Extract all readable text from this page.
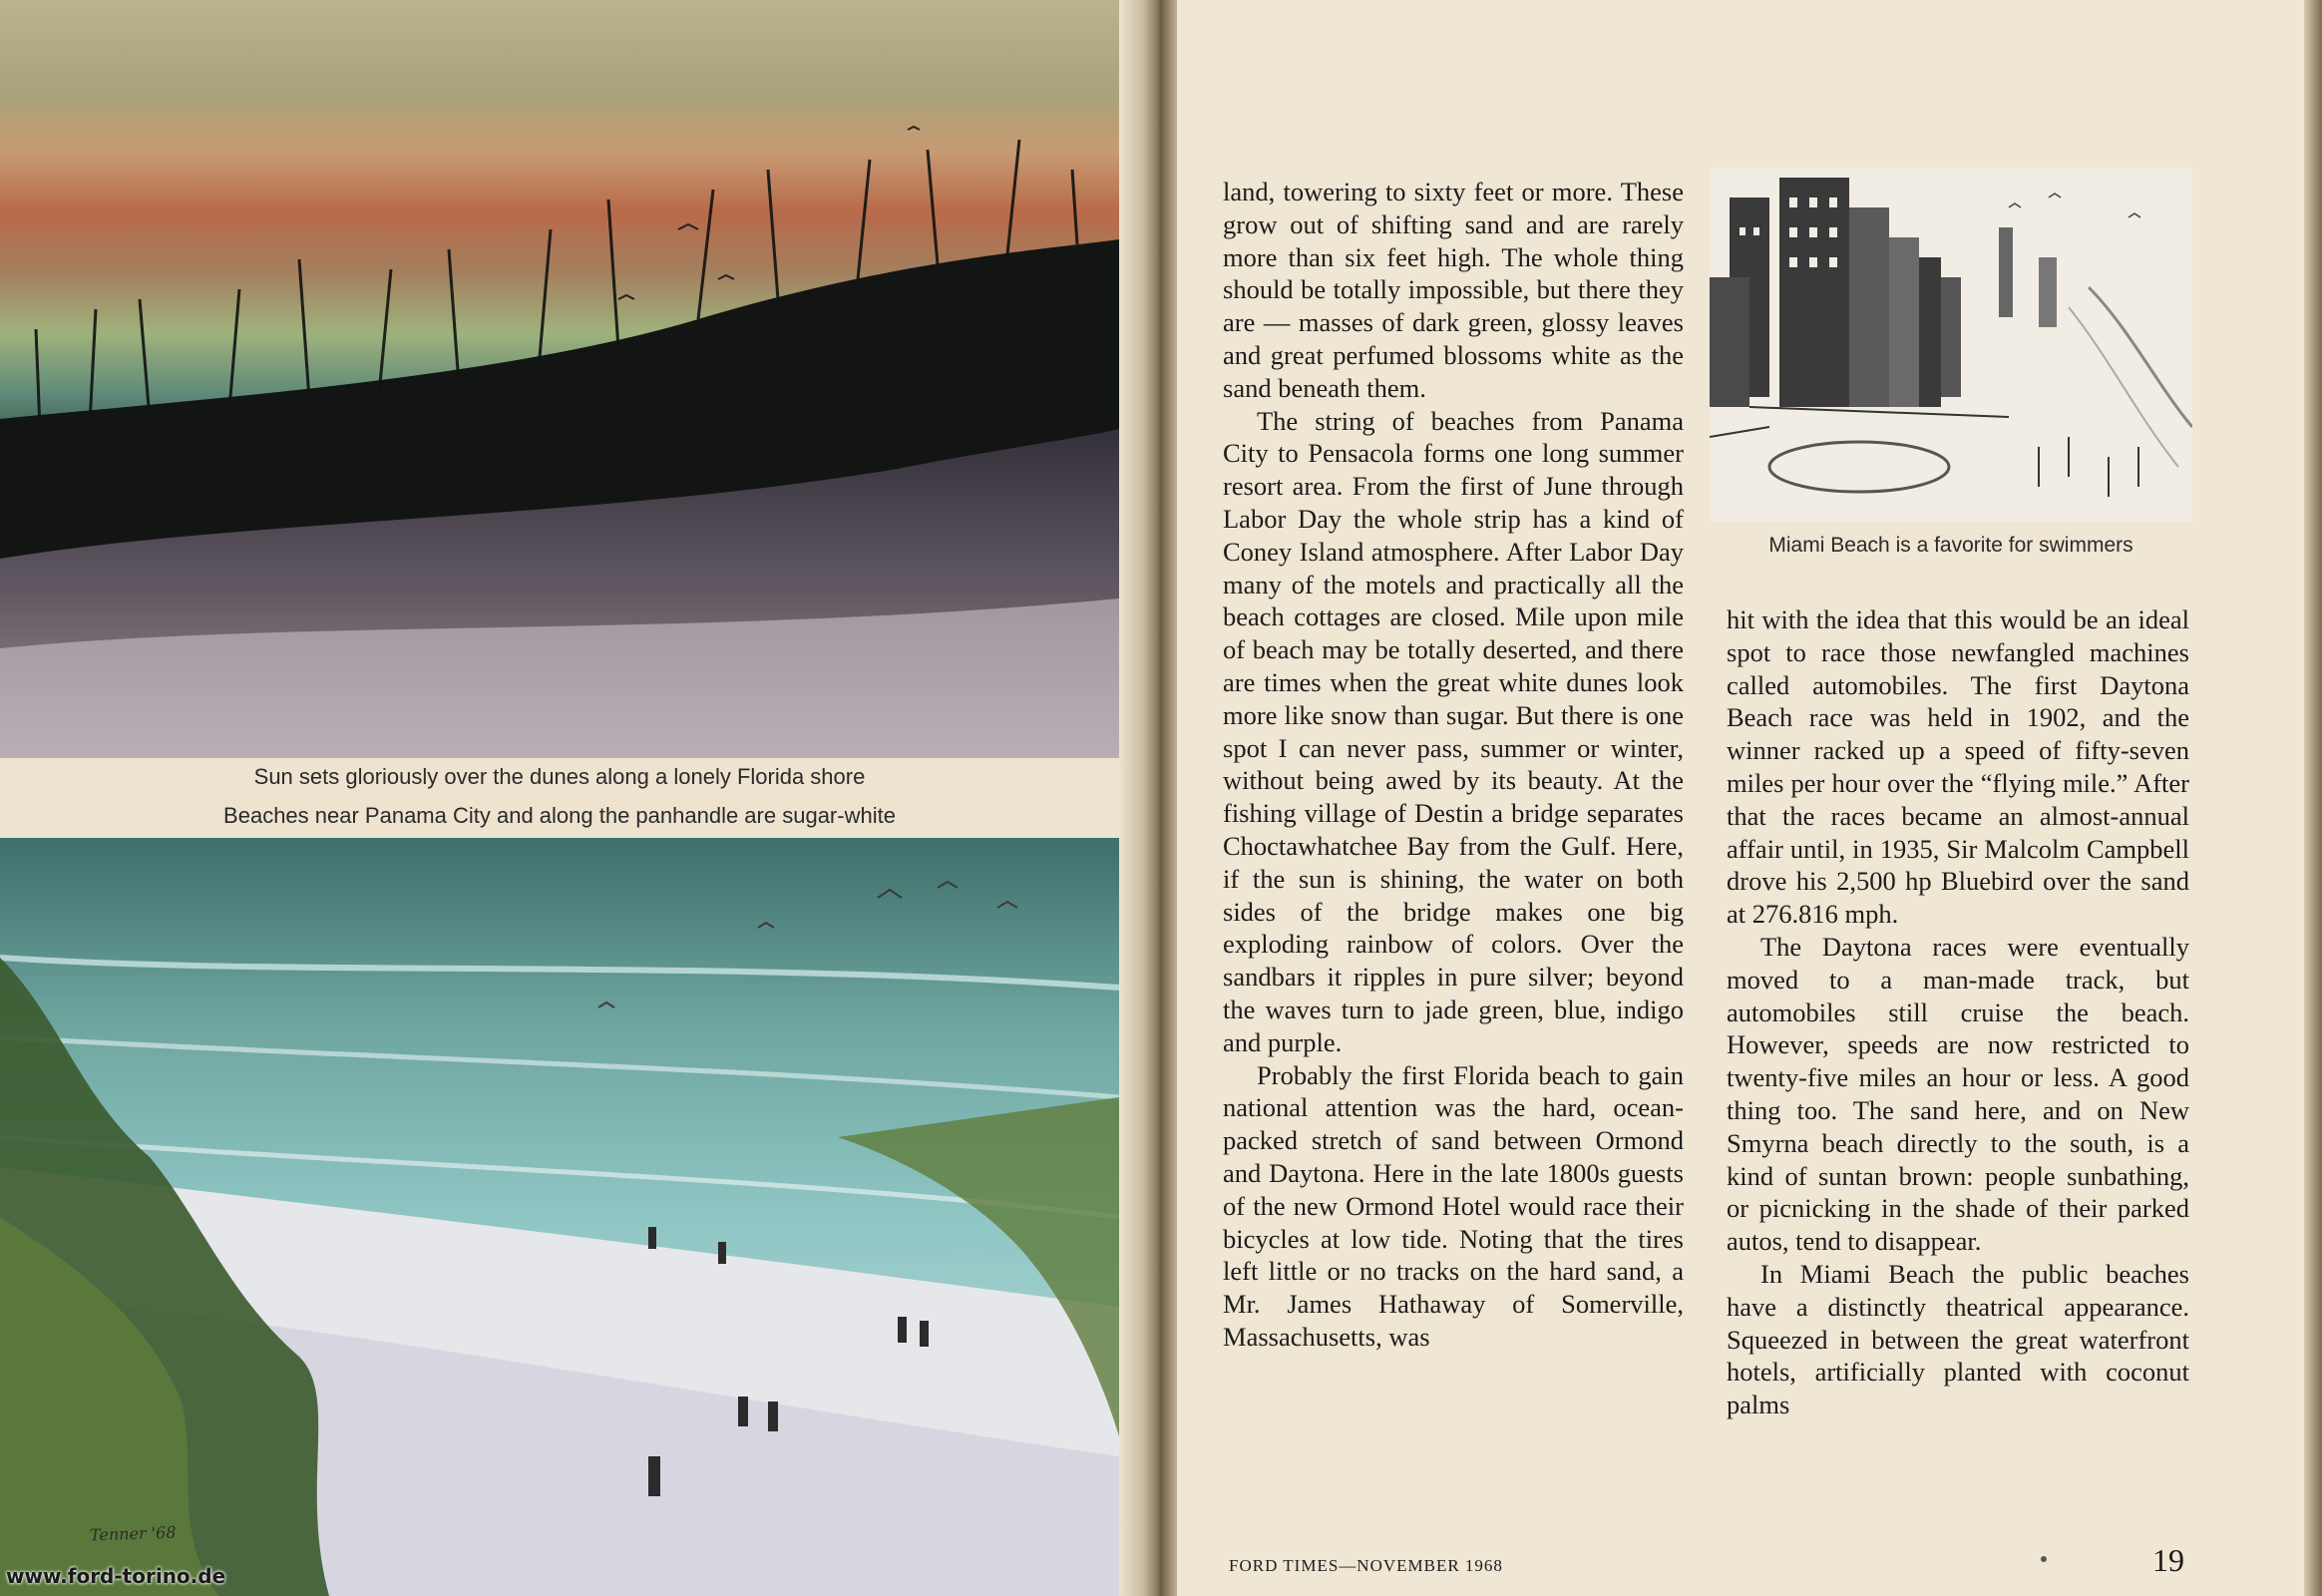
Sun sets gloriously over the dunes along a lonely Florida shore
Beaches near Panama City and along the panhandle are sugar-white
Tenner '68
www.ford-torino.de

land, towering to sixty feet or more. These grow out of shifting sand and are rarely more than six feet high. The whole thing should be totally impossible, but there they are — masses of dark green, glossy leaves and great perfumed blossoms white as the sand beneath them.

The string of beaches from Panama City to Pensacola forms one long summer resort area. From the first of June through Labor Day the whole strip has a kind of Coney Island atmosphere. After Labor Day many of the motels and practically all the beach cottages are closed. Mile upon mile of beach may be totally deserted, and there are times when the great white dunes look more like snow than sugar. But there is one spot I can never pass, summer or winter, without being awed by its beauty. At the fishing village of Destin a bridge separates Choctawhatchee Bay from the Gulf. Here, if the sun is shining, the water on both sides of the bridge makes one big exploding rainbow of colors. Over the sandbars it ripples in pure silver; beyond the waves turn to jade green, blue, indigo and purple.

Probably the first Florida beach to gain national attention was the hard, ocean-packed stretch of sand between Ormond and Daytona. Here in the late 1800s guests of the new Ormond Hotel would race their bicycles at low tide. Noting that the tires left little or no tracks on the hard sand, a Mr. James Hathaway of Somerville, Massachusetts, was

Miami Beach is a favorite for swimmers

hit with the idea that this would be an ideal spot to race those newfangled machines called automobiles. The first Daytona Beach race was held in 1902, and the winner racked up a speed of fifty-seven miles per hour over the “flying mile.” After that the races became an almost-annual affair until, in 1935, Sir Malcolm Campbell drove his 2,500 hp Bluebird over the sand at 276.816 mph.

The Daytona races were eventually moved to a man-made track, but automobiles still cruise the beach. However, speeds are now restricted to twenty-five miles an hour or less. A good thing too. The sand here, and on New Smyrna beach directly to the south, is a kind of suntan brown: people sunbathing, or picnicking in the shade of their parked autos, tend to disappear.

In Miami Beach the public beaches have a distinctly theatrical appearance. Squeezed in between the great waterfront hotels, artificially planted with coconut palms

FORD TIMES—NOVEMBER 1968	19
